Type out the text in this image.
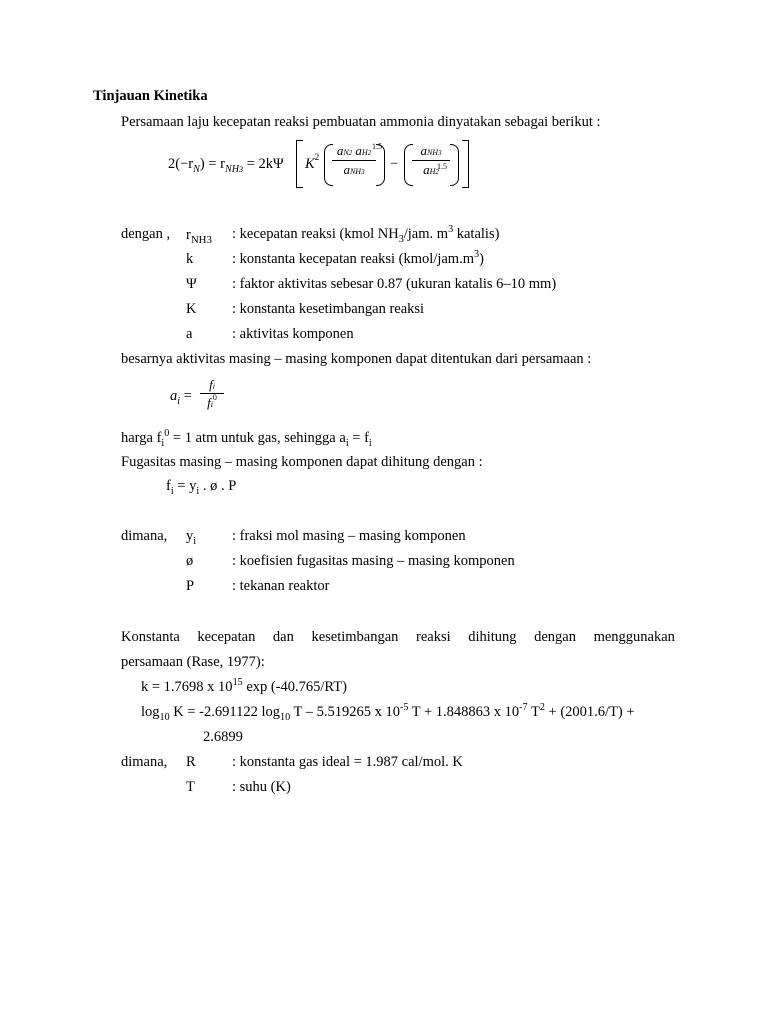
Tinjauan Kinetika
Persamaan laju kecepatan reaksi pembuatan ammonia dinyatakan sebagai berikut :
$2(-r_N) = r_{NH3} = 2k\Psi$ $K^2$	aN2 aH2
aNH3
1.5
−
aNH3
aH2
1.5
dengan , $r_{NH3}$ : kecepatan reaksi (kmol $NH_3$/jam. $m^3$ katalis)
k	: konstanta kecepatan reaksi $(kmol/jam.m^3)$
Ψ : faktor aktivitas sebesar 0.87 (ukuran katalis 6–10 mm)
K : konstanta kesetimbangan reaksi
a	: aktivitas komponen
besarnya aktivitas masing – masing komponen dapat ditentukan dari persamaan :
$a_i$ =
fi
$fi^0$
harga $f_i^0 = 1$ atm untuk gas, sehingga $a_i = f_i$
Fugasitas masing – masing komponen dapat dihitung dengan :
$f_i = y_i$ . ø . P
dimana, $y_i$ : fraksi mol masing – masing komponen
ø	: koefisien fugasitas masing – masing komponen
P	: tekanan reaktor
Konstanta kecepatan dan kesetimbangan reaksi dihitung dengan menggunakan
persamaan (Rase, 1977):
k = 1.7698 x $10^{15}$ exp (-40.765/RT)
$\log_{10} K = -2.691122$ $\log_{10} T - 5.519265$ x $10^{-5}$ T + 1.848863 x $10^{-7}$ $T^2 + (2001.6/T)$ +
2.6899
dimana, R	: konstanta gas ideal = 1.987 cal/mol. K
T	: suhu (K)
